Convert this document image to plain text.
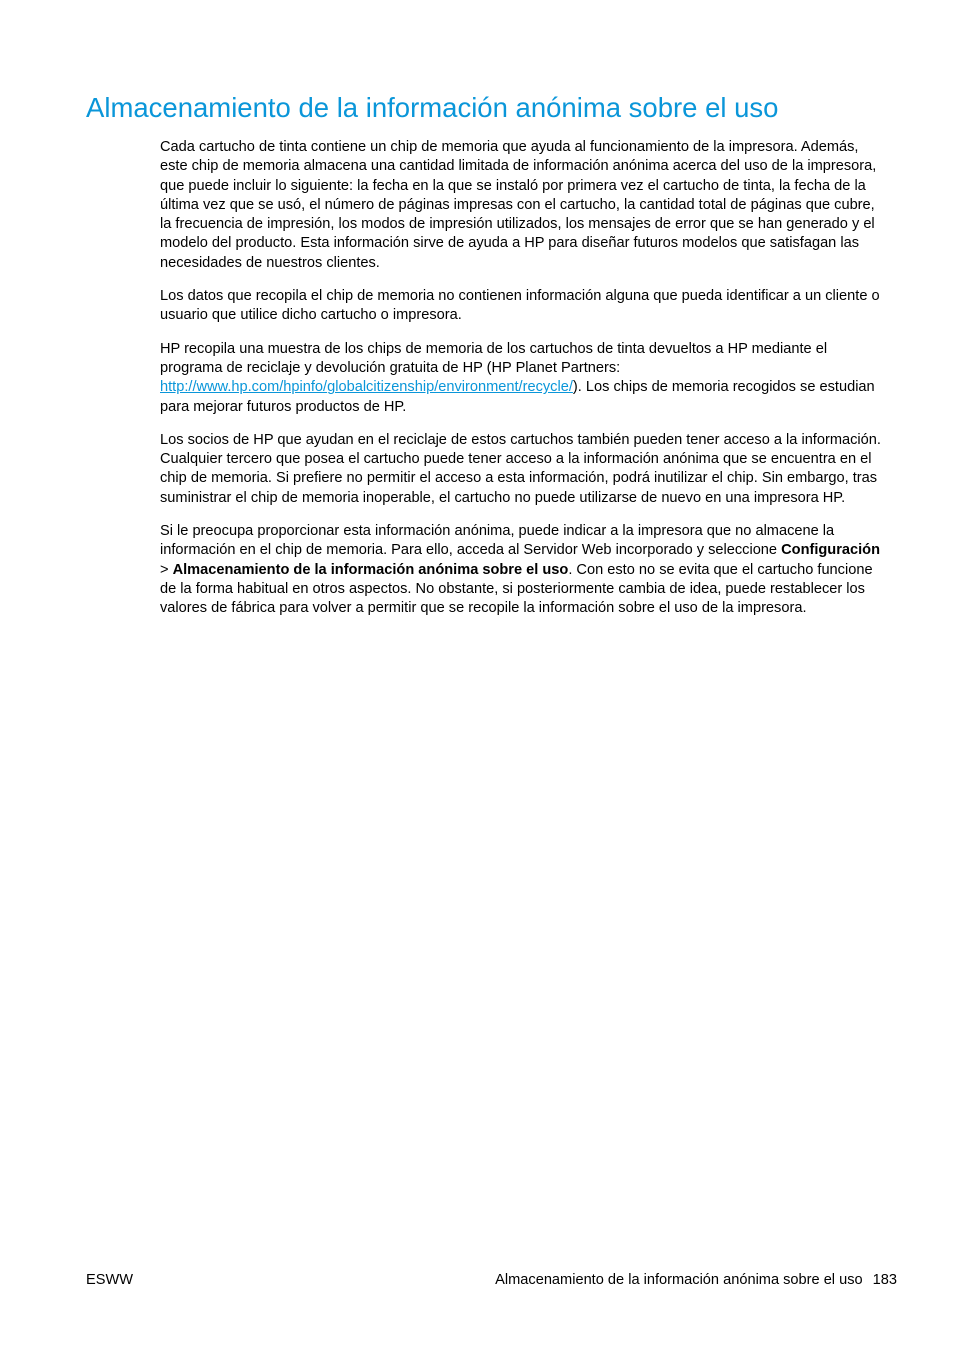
Almacenamiento de la información anónima sobre el uso

Cada cartucho de tinta contiene un chip de memoria que ayuda al funcionamiento de la impresora. Además, este chip de memoria almacena una cantidad limitada de información anónima acerca del uso de la impresora, que puede incluir lo siguiente: la fecha en la que se instaló por primera vez el cartucho de tinta, la fecha de la última vez que se usó, el número de páginas impresas con el cartucho, la cantidad total de páginas que cubre, la frecuencia de impresión, los modos de impresión utilizados, los mensajes de error que se han generado y el modelo del producto. Esta información sirve de ayuda a HP para diseñar futuros modelos que satisfagan las necesidades de nuestros clientes.

Los datos que recopila el chip de memoria no contienen información alguna que pueda identificar a un cliente o usuario que utilice dicho cartucho o impresora.

HP recopila una muestra de los chips de memoria de los cartuchos de tinta devueltos a HP mediante el programa de reciclaje y devolución gratuita de HP (HP Planet Partners: http://www.hp.com/hpinfo/globalcitizenship/environment/recycle/). Los chips de memoria recogidos se estudian para mejorar futuros productos de HP.

Los socios de HP que ayudan en el reciclaje de estos cartuchos también pueden tener acceso a la información. Cualquier tercero que posea el cartucho puede tener acceso a la información anónima que se encuentra en el chip de memoria. Si prefiere no permitir el acceso a esta información, podrá inutilizar el chip. Sin embargo, tras suministrar el chip de memoria inoperable, el cartucho no puede utilizarse de nuevo en una impresora HP.

Si le preocupa proporcionar esta información anónima, puede indicar a la impresora que no almacene la información en el chip de memoria. Para ello, acceda al Servidor Web incorporado y seleccione Configuración > Almacenamiento de la información anónima sobre el uso. Con esto no se evita que el cartucho funcione de la forma habitual en otros aspectos. No obstante, si posteriormente cambia de idea, puede restablecer los valores de fábrica para volver a permitir que se recopile la información sobre el uso de la impresora.

ESWW	Almacenamiento de la información anónima sobre el uso 183
